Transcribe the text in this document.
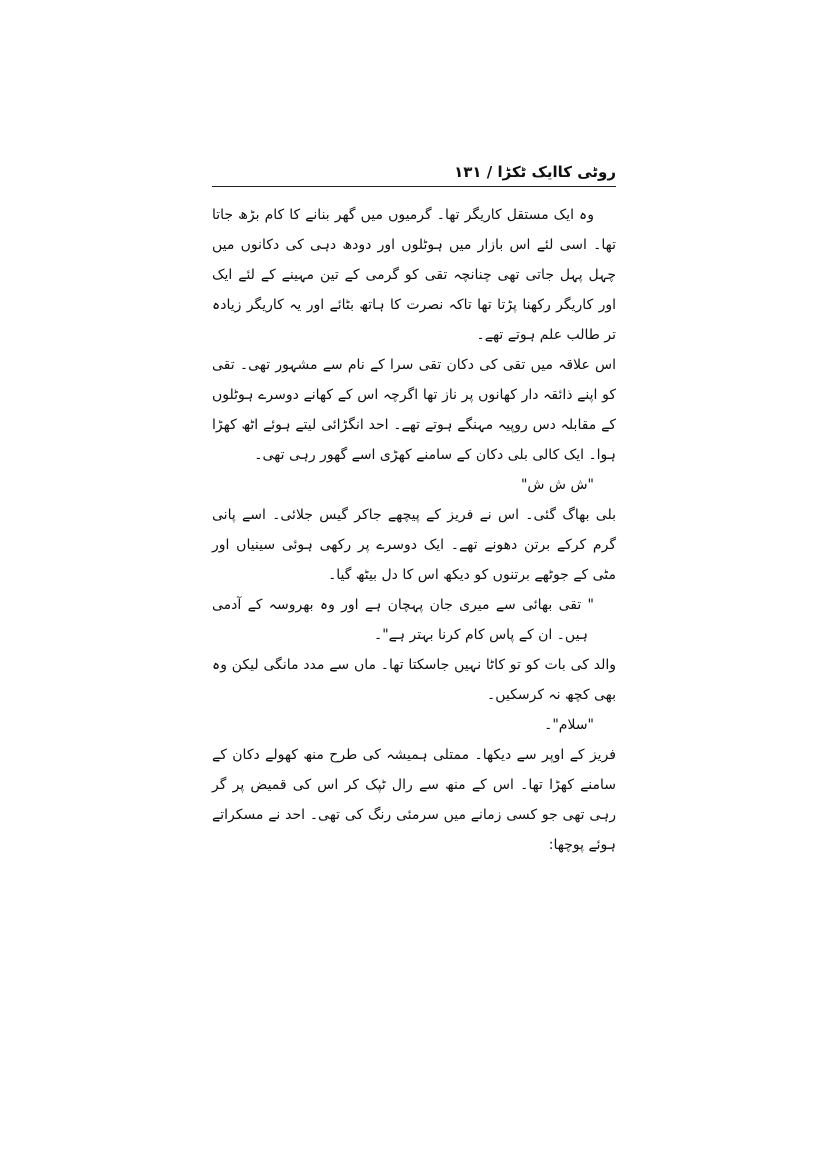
روٹی کاایک ٹکڑا / ۱۳۱

وہ ایک مستقل کاریگر تھا۔ گرمیوں میں گھر بنانے کا کام بڑھ جاتا تھا۔ اسی لئے اس بازار میں ہوٹلوں اور دودھ دہی کی دکانوں میں چہل پہل جاتی تھی چنانچہ تقی کو گرمی کے تین مہینے کے لئے ایک اور کاریگر رکھنا پڑتا تھا تاکہ نصرت کا ہاتھ بٹائے اور یہ کاریگر زیادہ تر طالب علم ہوتے تھے۔

اس علاقہ میں تقی کی دکان تقی سرا کے نام سے مشہور تھی۔ تقی کو اپنے ذائقہ دار کھانوں پر ناز تھا اگرچہ اس کے کھانے دوسرے ہوٹلوں کے مقابلہ دس روپیہ مہنگے ہوتے تھے۔ احد انگڑائی لیتے ہوئے اٹھ کھڑا ہوا۔ ایک کالی بلی دکان کے سامنے کھڑی اسے گھور رہی تھی۔

"ش ش ش"

بلی بھاگ گئی۔ اس نے فریز کے پیچھے جاکر گیس جلائی۔ اسے پانی گرم کرکے برتن دھونے تھے۔ ایک دوسرے پر رکھی ہوئی سینیاں اور مٹی کے جوٹھے برتنوں کو دیکھ اس کا دل بیٹھ گیا۔

" تقی بھائی سے میری جان پہچان ہے اور وہ بھروسہ کے آدمی ہیں۔ ان کے پاس کام کرنا بہتر ہے"۔

والد کی بات کو تو کاٹا نہیں جاسکتا تھا۔ ماں سے مدد مانگی لیکن وہ بھی کچھ نہ کرسکیں۔

"سلام"۔

فریز کے اوپر سے دیکھا۔ ممتلی ہمیشہ کی طرح منھ کھولے دکان کے سامنے کھڑا تھا۔ اس کے منھ سے رال ٹپک کر اس کی قمیض پر گر رہی تھی جو کسی زمانے میں سرمئی رنگ کی تھی۔ احد نے مسکراتے ہوئے پوچھا:
